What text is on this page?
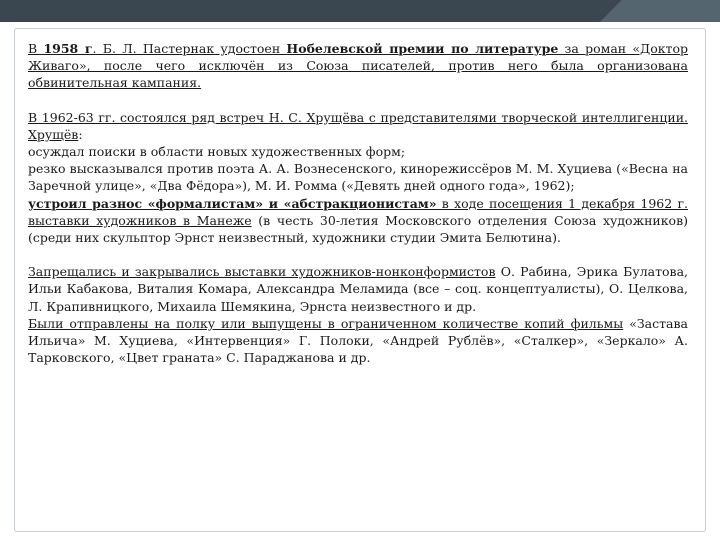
В 1958 г. Б. Л. Пастернак удостоен Нобелевской премии по литературе за роман «Доктор Живаго», после чего исключён из Союза писателей, против него была организована обвинительная кампания.

В 1962-63 гг. состоялся ряд встреч Н. С. Хрущёва с представителями творческой интеллигенции. Хрущёв:

осуждал поиски в области новых художественных форм;

резко высказывался против поэта А. А. Вознесенского, кинорежиссёров М. М. Хуциева («Весна на Заречной улице», «Два Фёдора»), М. И. Ромма («Девять дней одного года», 1962);

устроил разнос «формалистам» и «абстракционистам» в ходе посещения 1 декабря 1962 г. выставки художников в Манеже (в честь 30-летия Московского отделения Союза художников) (среди них скульптор Эрнст неизвестный, художники студии Эмита Белютина).

Запрещались и закрывались выставки художников-нонконформистов О. Рабина, Эрика Булатова, Ильи Кабакова, Виталия Комара, Александра Меламида (все – соц. концептуалисты), О. Целкова, Л. Крапивницкого, Михаила Шемякина, Эрнста неизвестного и др.

Были отправлены на полку или выпущены в ограниченном количестве копий фильмы «Застава Ильича» М. Хуциева, «Интервенция» Г. Полоки, «Андрей Рублёв», «Сталкер», «Зеркало» А. Тарковского, «Цвет граната» С. Параджанова и др.
